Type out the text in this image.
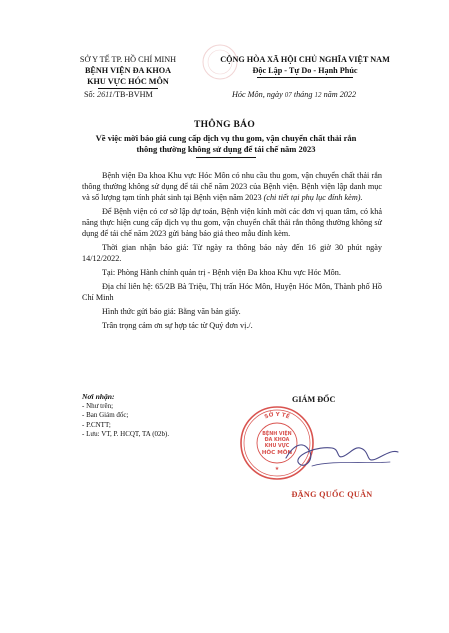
SỞ Y TẾ TP. HỒ CHÍ MINH
BỆNH VIỆN ĐA KHOA
KHU VỰC HÓC MÔN
CỘNG HÒA XÃ HỘI CHỦ NGHĨA VIỆT NAM
Độc Lập - Tự Do - Hạnh Phúc
Số: 2611/TB-BVHM	Hóc Môn, ngày 07 tháng 12 năm 2022
THÔNG BÁO
Về việc mời báo giá cung cấp dịch vụ thu gom, vận chuyển chất thải rắn
thông thường không sử dụng để tái chế năm 2023

Bệnh viện Đa khoa Khu vực Hóc Môn có nhu cầu thu gom, vận chuyển chất thải rắn thông thường không sử dụng để tái chế năm 2023 của Bệnh viện. Bệnh viện lập danh mục và số lượng tạm tính phát sinh tại Bệnh viện năm 2023 (chi tiết tại phụ lục đính kèm).

Để Bệnh viện có cơ sở lập dự toán, Bệnh viện kính mời các đơn vị quan tâm, có khả năng thực hiện cung cấp dịch vụ thu gom, vận chuyển chất thải rắn thông thường không sử dụng để tái chế năm 2023 gửi bảng báo giá theo mẫu đính kèm.

Thời gian nhận báo giá: Từ ngày ra thông báo này đến 16 giờ 30 phút ngày 14/12/2022.

Tại: Phòng Hành chính quản trị - Bệnh viện Đa khoa Khu vực Hóc Môn.

Địa chỉ liên hệ: 65/2B Bà Triệu, Thị trấn Hóc Môn, Huyện Hóc Môn, Thành phố Hồ Chí Minh

Hình thức gửi báo giá: Bằng văn bản giấy.

Trân trọng cảm ơn sự hợp tác từ Quý đơn vị./.

Nơi nhận:
- Như trên;
- Ban Giám đốc;
- P.CNTT;
- Lưu: VT, P. HCQT, TA (02b).
GIÁM ĐỐC
SỞ Y TẾ
BỆNH VIỆN
ĐA KHOA
KHU VỰC
HÓC MÔN
★
ĐẶNG QUỐC QUÂN
